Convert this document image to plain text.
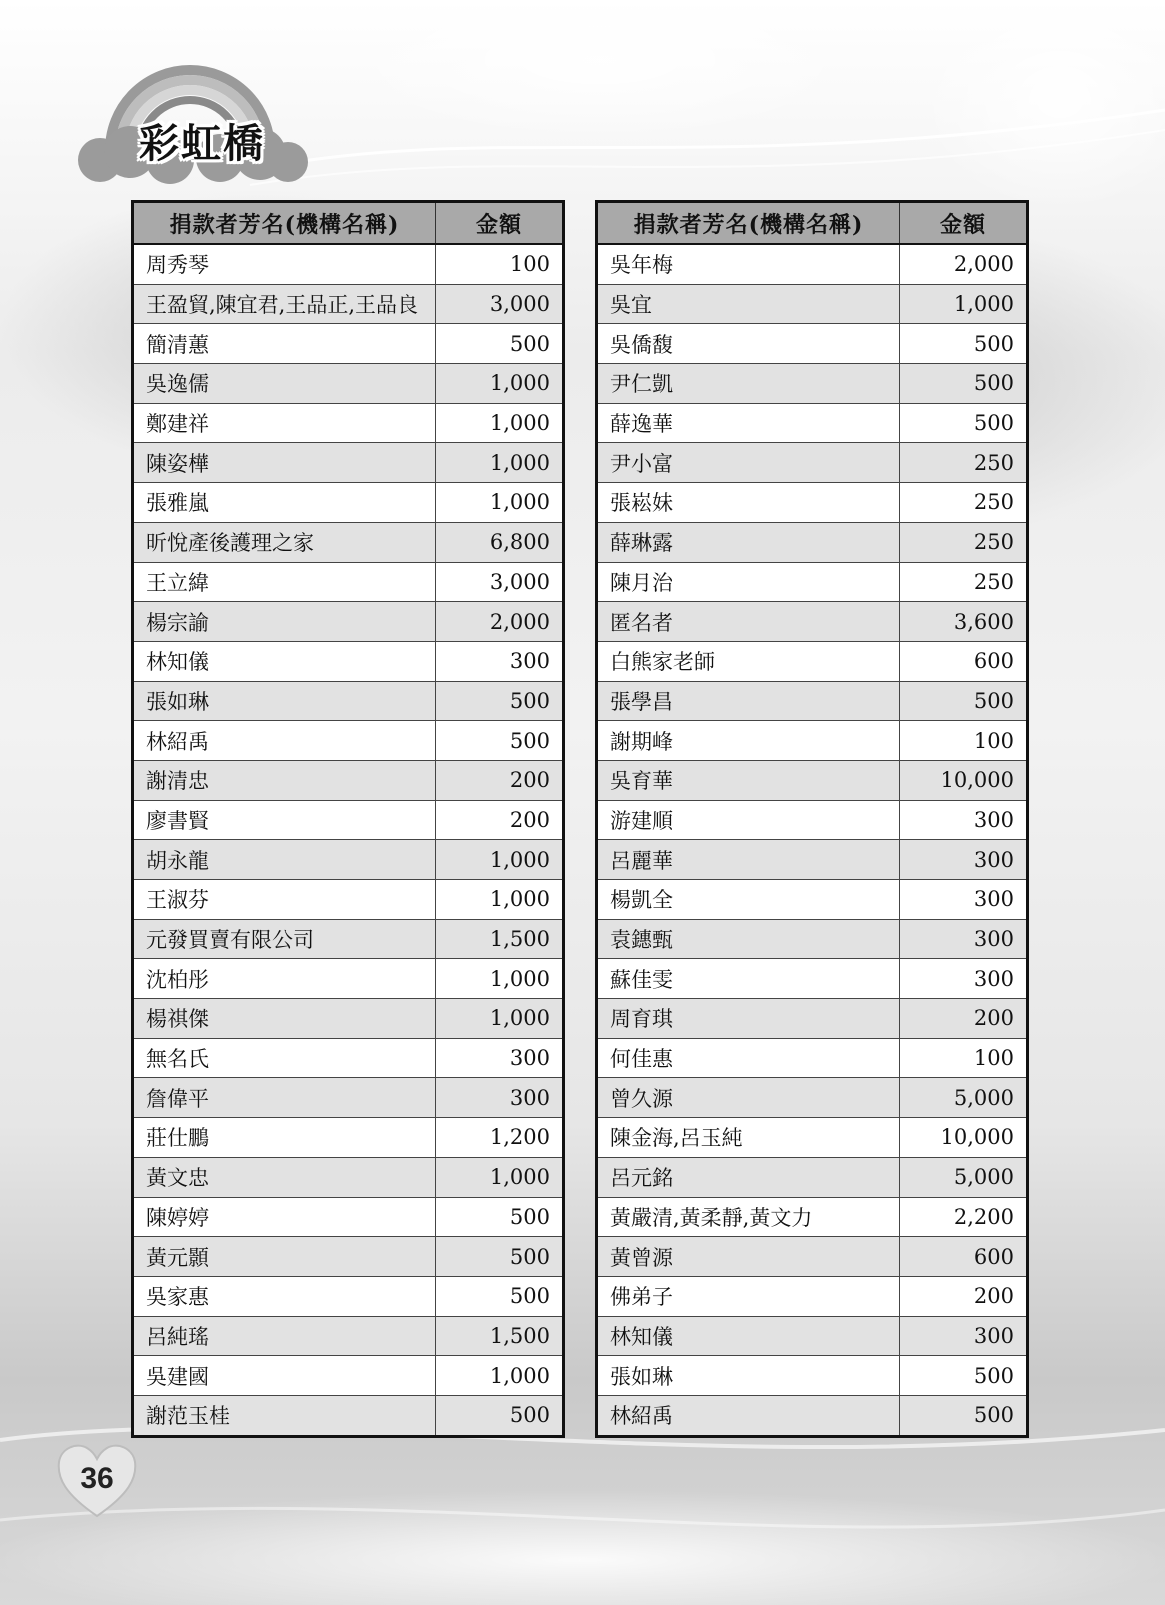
彩虹橋
捐款者芳名(機構名稱)	金額
周秀琴	100
王盈貿,陳宜君,王品正,王品良	3,000
簡清蕙	500
吳逸儒	1,000
鄭建祥	1,000
陳姿樺	1,000
張雅嵐	1,000
昕悅產後護理之家	6,800
王立緯	3,000
楊宗諭	2,000
林知儀	300
張如琳	500
林紹禹	500
謝清忠	200
廖書賢	200
胡永龍	1,000
王淑芬	1,000
元發買賣有限公司	1,500
沈柏彤	1,000
楊祺傑	1,000
無名氏	300
詹偉平	300
莊仕鵬	1,200
黃文忠	1,000
陳婷婷	500
黃元顥	500
吳家惠	500
呂純瑤	1,500
吳建國	1,000
謝范玉桂	500
捐款者芳名(機構名稱)	金額
吳年梅	2,000
吳宜	1,000
吳僑馥	500
尹仁凱	500
薛逸華	500
尹小富	250
張崧妹	250
薛琳露	250
陳月治	250
匿名者	3,600
白熊家老師	600
張學昌	500
謝期峰	100
吳育華	10,000
游建順	300
呂麗華	300
楊凱全	300
袁鏸甄	300
蘇佳雯	300
周育琪	200
何佳惠	100
曾久源	5,000
陳金海,呂玉純	10,000
呂元銘	5,000
黃嚴清,黃柔靜,黃文力	2,200
黃曾源	600
佛弟子	200
林知儀	300
張如琳	500
林紹禹	500
36
